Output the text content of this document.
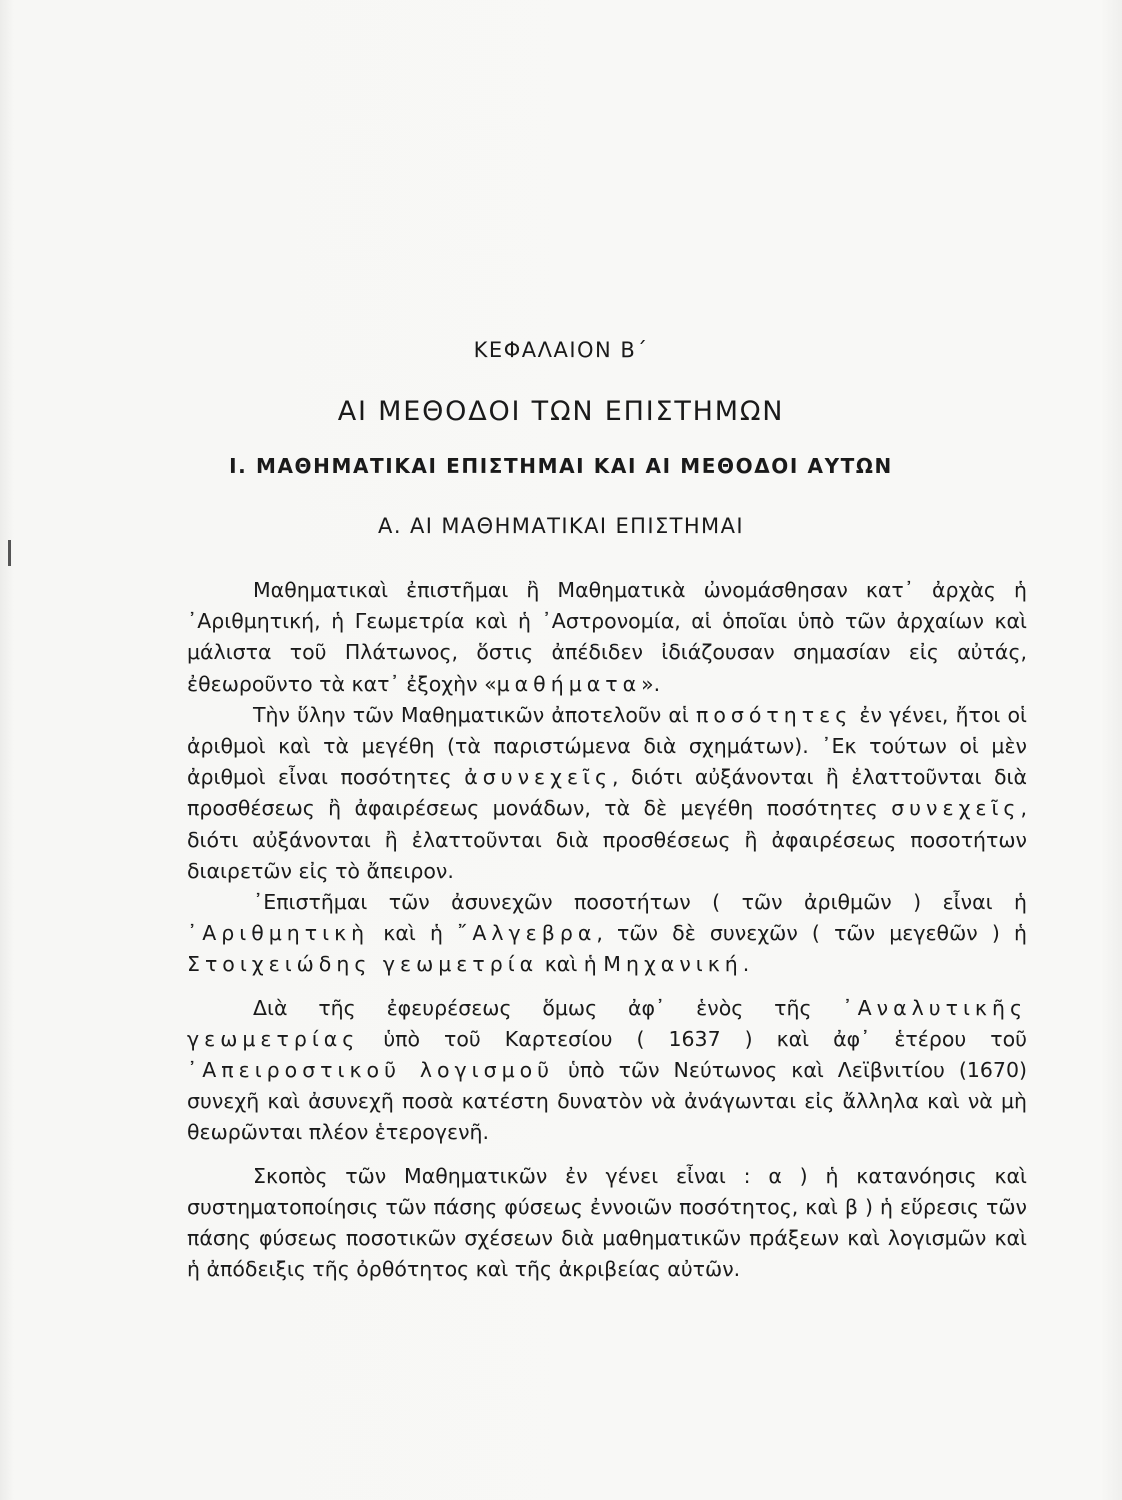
ΚΕΦΑΛΑΙΟΝ Β΄
ΑΙ ΜΕΘΟΔΟΙ ΤΩΝ ΕΠΙΣΤΗΜΩΝ
Ι. ΜΑΘΗΜΑΤΙΚΑΙ ΕΠΙΣΤΗΜΑΙ ΚΑΙ ΑΙ ΜΕΘΟΔΟΙ ΑΥΤΩΝ
Α. ΑΙ ΜΑΘΗΜΑΤΙΚΑΙ ΕΠΙΣΤΗΜΑΙ

Μαθηματικαὶ ἐπιστῆμαι ἢ Μαθηματικὰ ὠνομάσθησαν κατ᾽ ἀρχὰς ἡ ᾽Αριθμητική, ἡ Γεωμετρία καὶ ἡ ᾽Αστρονομία, αἱ ὁποῖαι ὑπὸ τῶν ἀρχαίων καὶ μάλιστα τοῦ Πλάτωνος, ὅστις ἀπέδιδεν ἰδιάζουσαν σημασίαν εἰς αὐτάς, ἐθεωροῦντο τὰ κατ᾽ ἐξοχὴν «μαθήματα».

Τὴν ὕλην τῶν Μαθηματικῶν ἀποτελοῦν αἱ ποσότητες ἐν γένει, ἤτοι οἱ ἀριθμοὶ καὶ τὰ μεγέθη (τὰ παριστώμενα διὰ σχημάτων). ᾽Εκ τούτων οἱ μὲν ἀριθμοὶ εἶναι ποσότητες ἀσυνεχεῖς, διότι αὐξάνονται ἢ ἐλαττοῦνται διὰ προσθέσεως ἢ ἀφαιρέσεως μονάδων, τὰ δὲ μεγέθη ποσότητες συνεχεῖς, διότι αὐξάνονται ἢ ἐλαττοῦνται διὰ προσθέσεως ἢ ἀφαιρέσεως ποσοτήτων διαιρετῶν εἰς τὸ ἄπειρον.

᾽Επιστῆμαι τῶν ἀσυνεχῶν ποσοτήτων ( τῶν ἀριθμῶν ) εἶναι ἡ ᾽Αριθμητικὴ καὶ ἡ ῎Αλγεβρα, τῶν δὲ συνεχῶν ( τῶν μεγεθῶν ) ἡ Στοιχειώδης γεωμετρία καὶ ἡ Μηχανική.

Διὰ τῆς ἐφευρέσεως ὅμως ἀφ᾽ ἑνὸς τῆς ᾽Αναλυτικῆς γεωμετρίας ὑπὸ τοῦ Καρτεσίου ( 1637 ) καὶ ἀφ᾽ ἑτέρου τοῦ ᾽Απειροστικοῦ λογισμοῦ ὑπὸ τῶν Νεύτωνος καὶ Λεϊβνιτίου (1670) συνεχῆ καὶ ἀσυνεχῆ ποσὰ κατέστη δυνατὸν νὰ ἀνάγωνται εἰς ἄλληλα καὶ νὰ μὴ θεωρῶνται πλέον ἑτερογενῆ.

Σκοπὸς τῶν Μαθηματικῶν ἐν γένει εἶναι : α ) ἡ κατανόησις καὶ συστηματοποίησις τῶν πάσης φύσεως ἐννοιῶν ποσότητος, καὶ β ) ἡ εὕρεσις τῶν πάσης φύσεως ποσοτικῶν σχέσεων διὰ μαθηματικῶν πράξεων καὶ λογισμῶν καὶ ἡ ἀπόδειξις τῆς ὀρθότητος καὶ τῆς ἀκριβείας αὐτῶν.
